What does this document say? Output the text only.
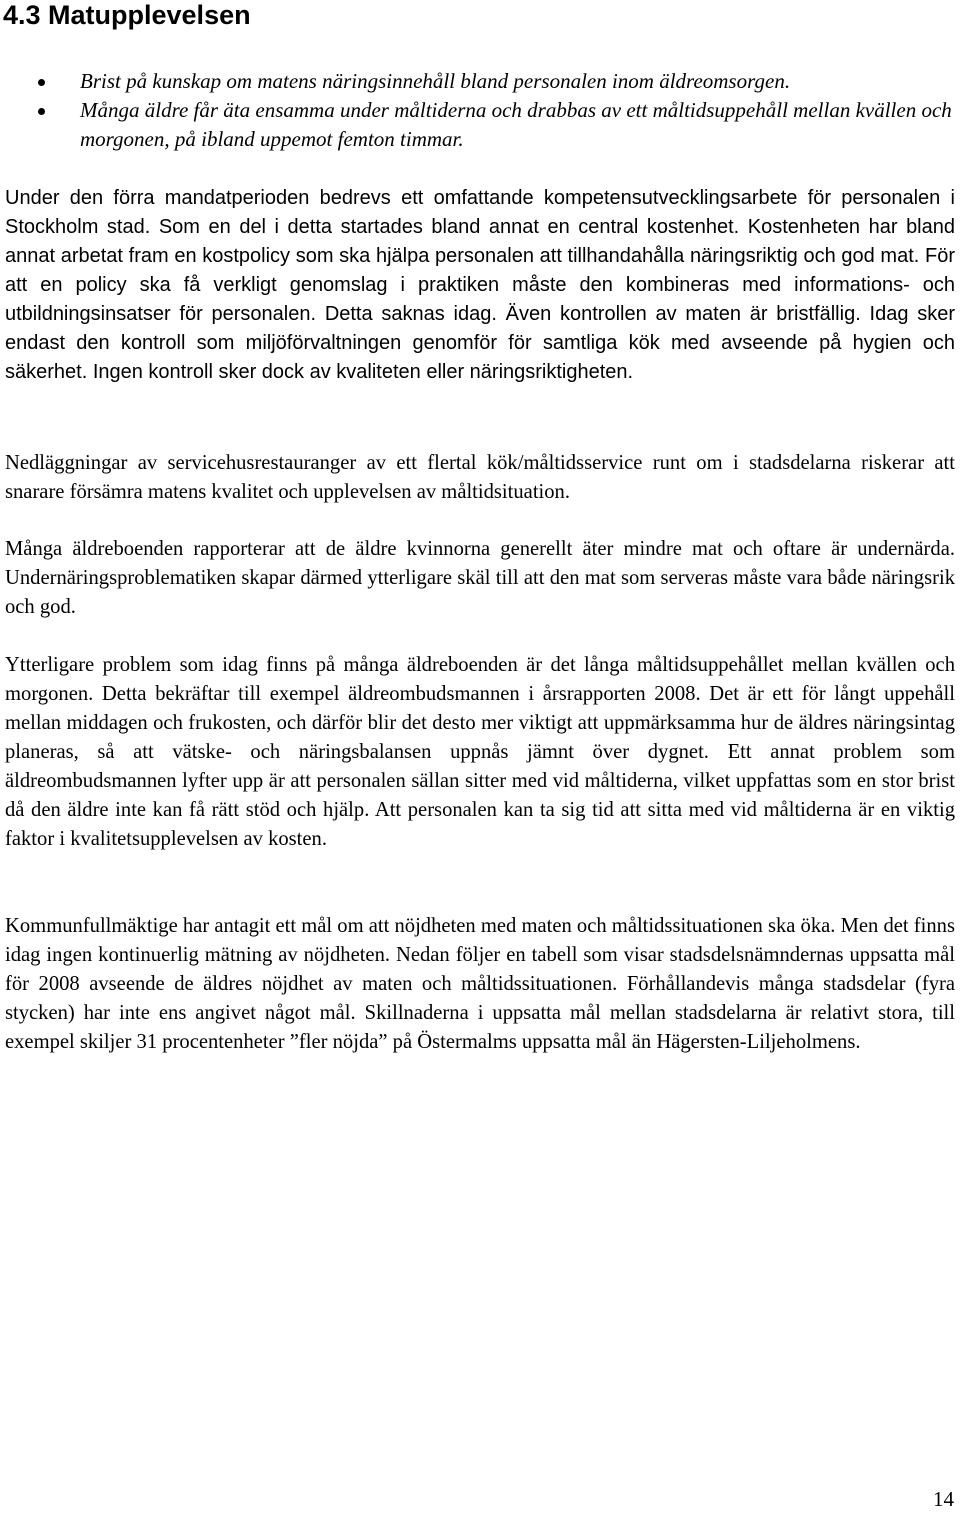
4.3 Matupplevelsen
Brist på kunskap om matens näringsinnehåll bland personalen inom äldreomsorgen.
Många äldre får äta ensamma under måltiderna och drabbas av ett måltidsuppehåll mellan kvällen och morgonen, på ibland uppemot femton timmar.

Under den förra mandatperioden bedrevs ett omfattande kompetensutvecklingsarbete för personalen i Stockholm stad. Som en del i detta startades bland annat en central kostenhet. Kostenheten har bland annat arbetat fram en kostpolicy som ska hjälpa personalen att tillhandahålla näringsriktig och god mat. För att en policy ska få verkligt genomslag i praktiken måste den kombineras med informations- och utbildningsinsatser för personalen. Detta saknas idag. Även kontrollen av maten är bristfällig. Idag sker endast den kontroll som miljöförvaltningen genomför för samtliga kök med avseende på hygien och säkerhet. Ingen kontroll sker dock av kvaliteten eller näringsriktigheten.

Nedläggningar av servicehusrestauranger av ett flertal kök/måltidsservice runt om i stadsdelarna riskerar att snarare försämra matens kvalitet och upplevelsen av måltidsituation.

Många äldreboenden rapporterar att de äldre kvinnorna generellt äter mindre mat och oftare är undernärda. Undernäringsproblematiken skapar därmed ytterligare skäl till att den mat som serveras måste vara både näringsrik och god.

Ytterligare problem som idag finns på många äldreboenden är det långa måltidsuppehållet mellan kvällen och morgonen. Detta bekräftar till exempel äldreombudsmannen i årsrapporten 2008. Det är ett för långt uppehåll mellan middagen och frukosten, och därför blir det desto mer viktigt att uppmärksamma hur de äldres näringsintag planeras, så att vätske- och näringsbalansen uppnås jämnt över dygnet. Ett annat problem som äldreombudsmannen lyfter upp är att personalen sällan sitter med vid måltiderna, vilket uppfattas som en stor brist då den äldre inte kan få rätt stöd och hjälp. Att personalen kan ta sig tid att sitta med vid måltiderna är en viktig faktor i kvalitetsupplevelsen av kosten.

Kommunfullmäktige har antagit ett mål om att nöjdheten med maten och måltidssituationen ska öka. Men det finns idag ingen kontinuerlig mätning av nöjdheten. Nedan följer en tabell som visar stadsdelsnämndernas uppsatta mål för 2008 avseende de äldres nöjdhet av maten och måltidssituationen. Förhållandevis många stadsdelar (fyra stycken) har inte ens angivet något mål. Skillnaderna i uppsatta mål mellan stadsdelarna är relativt stora, till exempel skiljer 31 procentenheter ”fler nöjda” på Östermalms uppsatta mål än Hägersten-Liljeholmens.

14
